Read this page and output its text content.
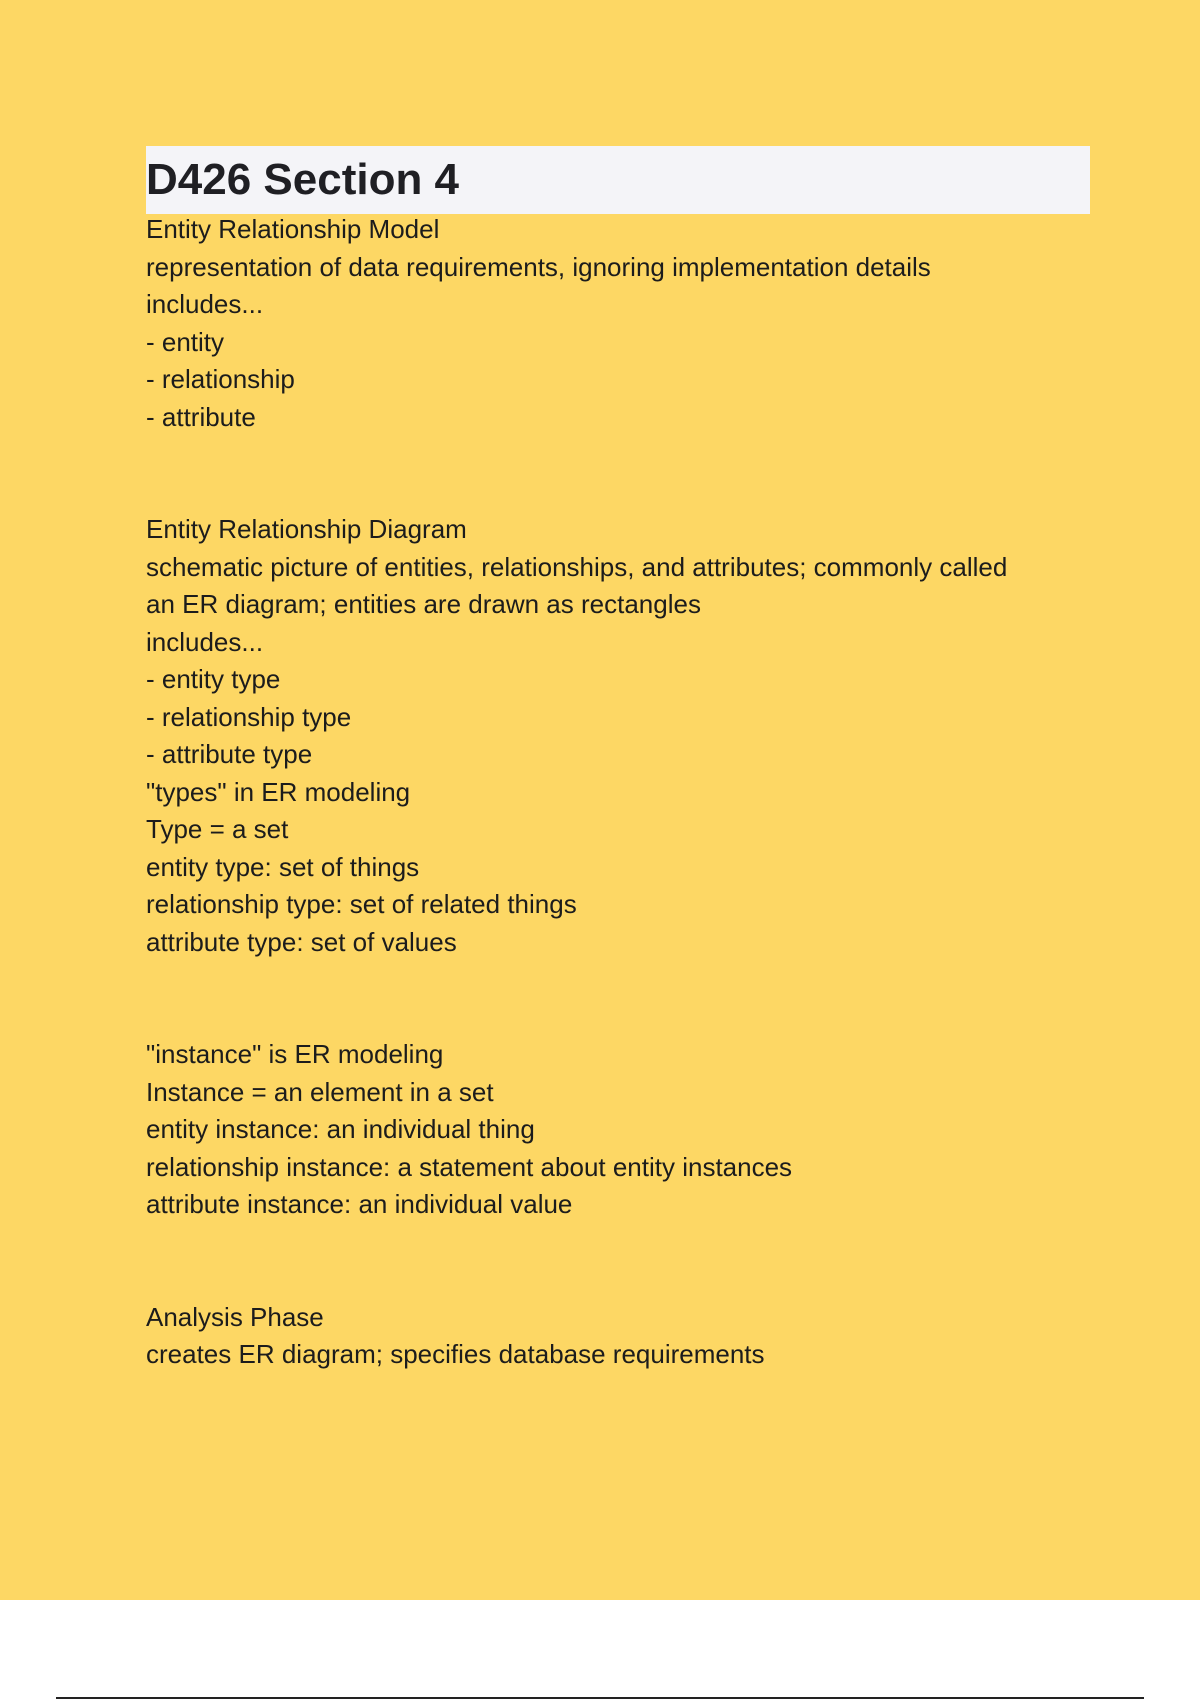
D426 Section 4
Entity Relationship Model
representation of data requirements, ignoring implementation details
includes...
- entity
- relationship
- attribute
Entity Relationship Diagram
schematic picture of entities, relationships, and attributes; commonly called
an ER diagram; entities are drawn as rectangles
includes...
- entity type
- relationship type
- attribute type
"types" in ER modeling
Type = a set
entity type: set of things
relationship type: set of related things
attribute type: set of values
"instance" is ER modeling
Instance = an element in a set
entity instance: an individual thing
relationship instance: a statement about entity instances
attribute instance: an individual value
Analysis Phase
creates ER diagram; specifies database requirements
